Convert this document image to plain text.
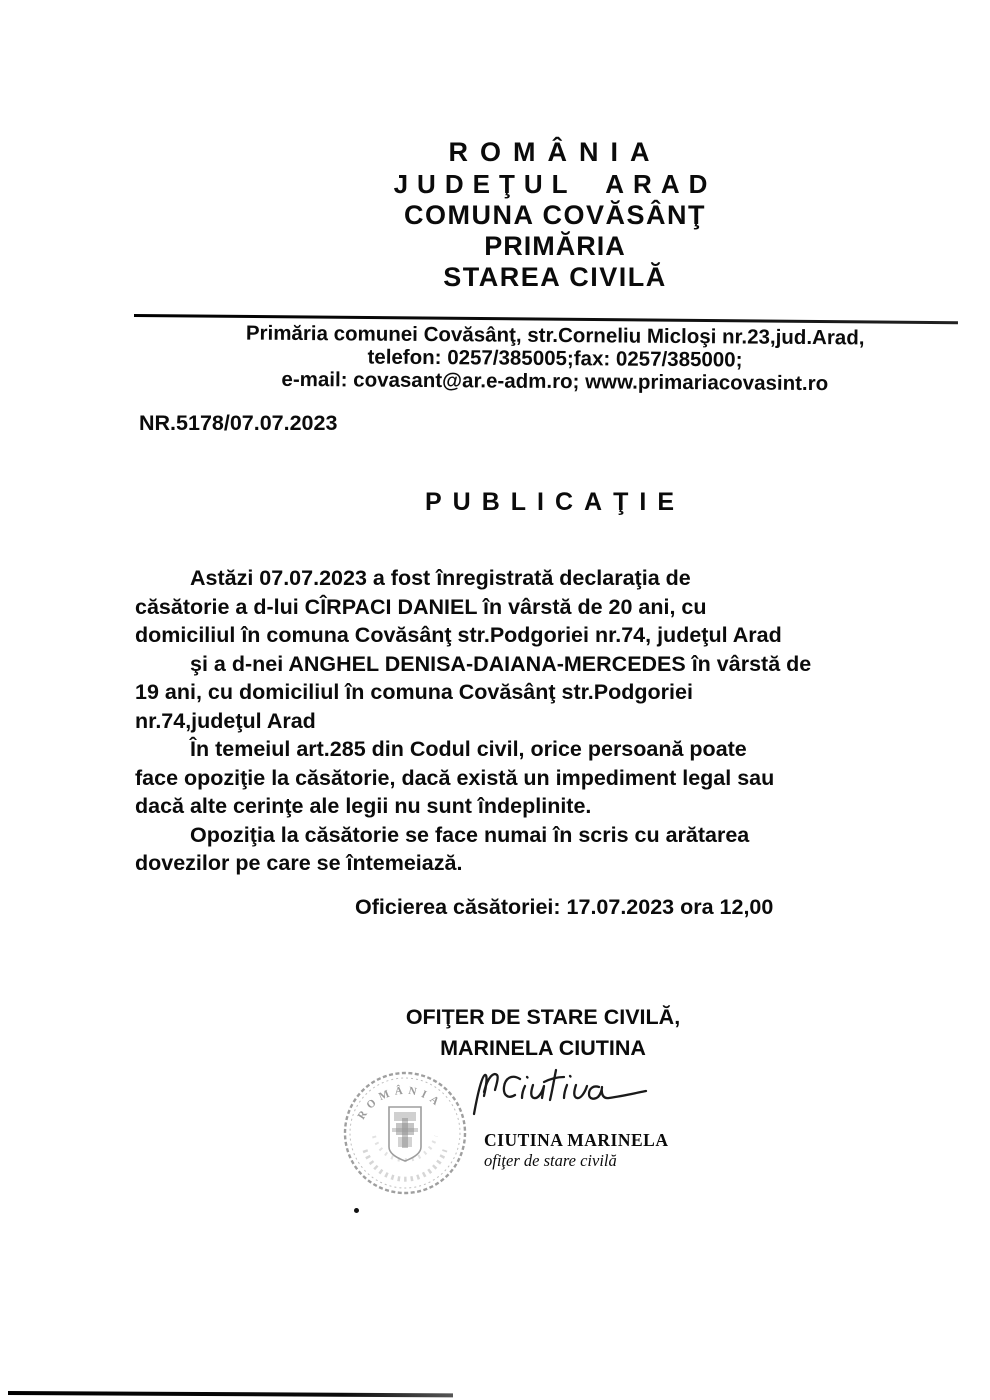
ROMÂNIA
JUDEŢUL ARAD
COMUNA COVĂSÂNŢ
PRIMĂRIA
STAREA CIVILĂ
Primăria comunei Covăsânţ, str.Corneliu Micloşi nr.23,jud.Arad,
telefon: 0257/385005;fax: 0257/385000;
e-mail: covasant@ar.e-adm.ro; www.primariacovasint.ro
NR.5178/07.07.2023
PUBLICAŢIE
Astăzi 07.07.2023 a fost înregistrată declaraţia de
căsătorie a d-lui CÎRPACI DANIEL în vârstă de 20 ani, cu
domiciliul în comuna Covăsânţ str.Podgoriei nr.74, judeţul Arad
şi a d-nei ANGHEL DENISA-DAIANA-MERCEDES în vârstă de
19 ani, cu domiciliul în comuna Covăsânţ str.Podgoriei
nr.74,judeţul Arad
În temeiul art.285 din Codul civil, orice persoană poate
face opoziţie la căsătorie, dacă există un impediment legal sau
dacă alte cerinţe ale legii nu sunt îndeplinite.
Opoziţia la căsătorie se face numai în scris cu arătarea
dovezilor pe care se întemeiază.
Oficierea căsătoriei: 17.07.2023 ora 12,00
OFIŢER DE STARE CIVILĂ,
MARINELA CIUTINA
ROMÂNIA
CIUTINA MARINELA
ofiţer de stare civilă
